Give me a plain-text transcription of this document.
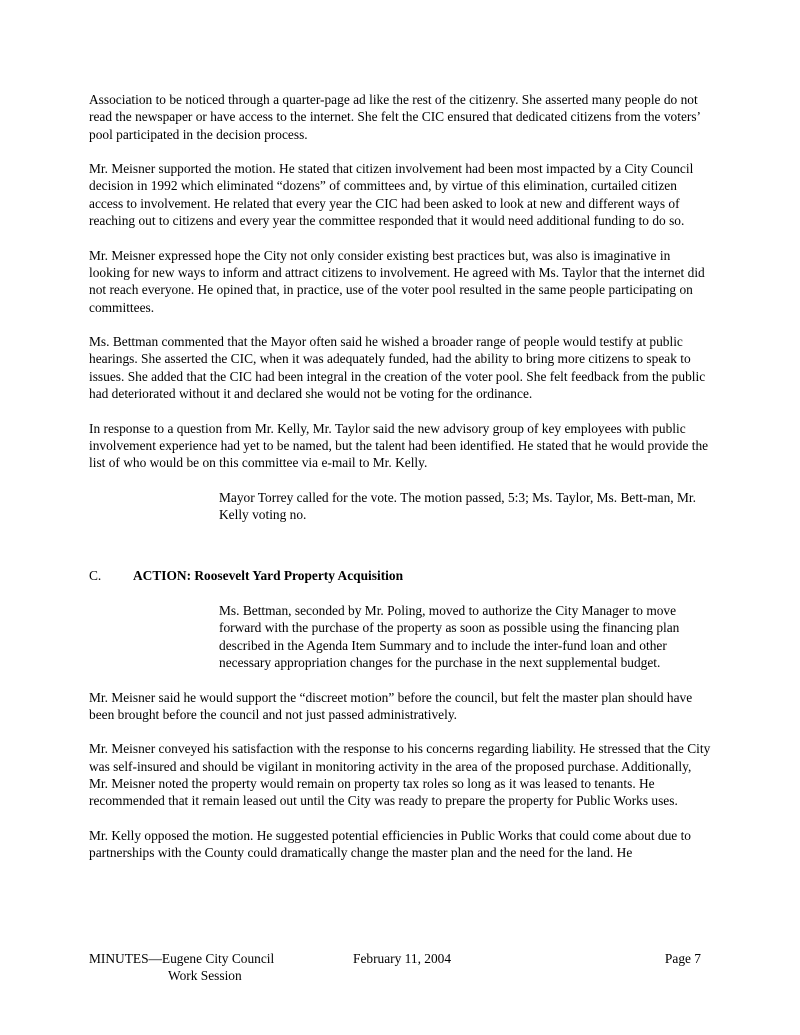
Association to be noticed through a quarter-page ad like the rest of the citizenry. She asserted many people do not read the newspaper or have access to the internet. She felt the CIC ensured that dedicated citizens from the voters’ pool participated in the decision process.

Mr. Meisner supported the motion. He stated that citizen involvement had been most impacted by a City Council decision in 1992 which eliminated “dozens” of committees and, by virtue of this elimination, curtailed citizen access to involvement. He related that every year the CIC had been asked to look at new and different ways of reaching out to citizens and every year the committee responded that it would need additional funding to do so.

Mr. Meisner expressed hope the City not only consider existing best practices but, was also is imaginative in looking for new ways to inform and attract citizens to involvement. He agreed with Ms. Taylor that the internet did not reach everyone. He opined that, in practice, use of the voter pool resulted in the same people participating on committees.

Ms. Bettman commented that the Mayor often said he wished a broader range of people would testify at public hearings. She asserted the CIC, when it was adequately funded, had the ability to bring more citizens to speak to issues. She added that the CIC had been integral in the creation of the voter pool. She felt feedback from the public had deteriorated without it and declared she would not be voting for the ordinance.

In response to a question from Mr. Kelly, Mr. Taylor said the new advisory group of key employees with public involvement experience had yet to be named, but the talent had been identified. He stated that he would provide the list of who would be on this committee via e-mail to Mr. Kelly.

Mayor Torrey called for the vote. The motion passed, 5:3; Ms. Taylor, Ms. Bett-man, Mr. Kelly voting no.

C.	ACTION: Roosevelt Yard Property Acquisition

Ms. Bettman, seconded by Mr. Poling, moved to authorize the City Manager to move forward with the purchase of the property as soon as possible using the financing plan described in the Agenda Item Summary and to include the inter-fund loan and other necessary appropriation changes for the purchase in the next supplemental budget.

Mr. Meisner said he would support the “discreet motion” before the council, but felt the master plan should have been brought before the council and not just passed administratively.

Mr. Meisner conveyed his satisfaction with the response to his concerns regarding liability. He stressed that the City was self-insured and should be vigilant in monitoring activity in the area of the proposed purchase. Additionally, Mr. Meisner noted the property would remain on property tax roles so long as it was leased to tenants. He recommended that it remain leased out until the City was ready to prepare the property for Public Works uses.

Mr. Kelly opposed the motion. He suggested potential efficiencies in Public Works that could come about due to partnerships with the County could dramatically change the master plan and the need for the land. He

MINUTES—Eugene City Council
Work Session
February 11, 2004	Page 7
